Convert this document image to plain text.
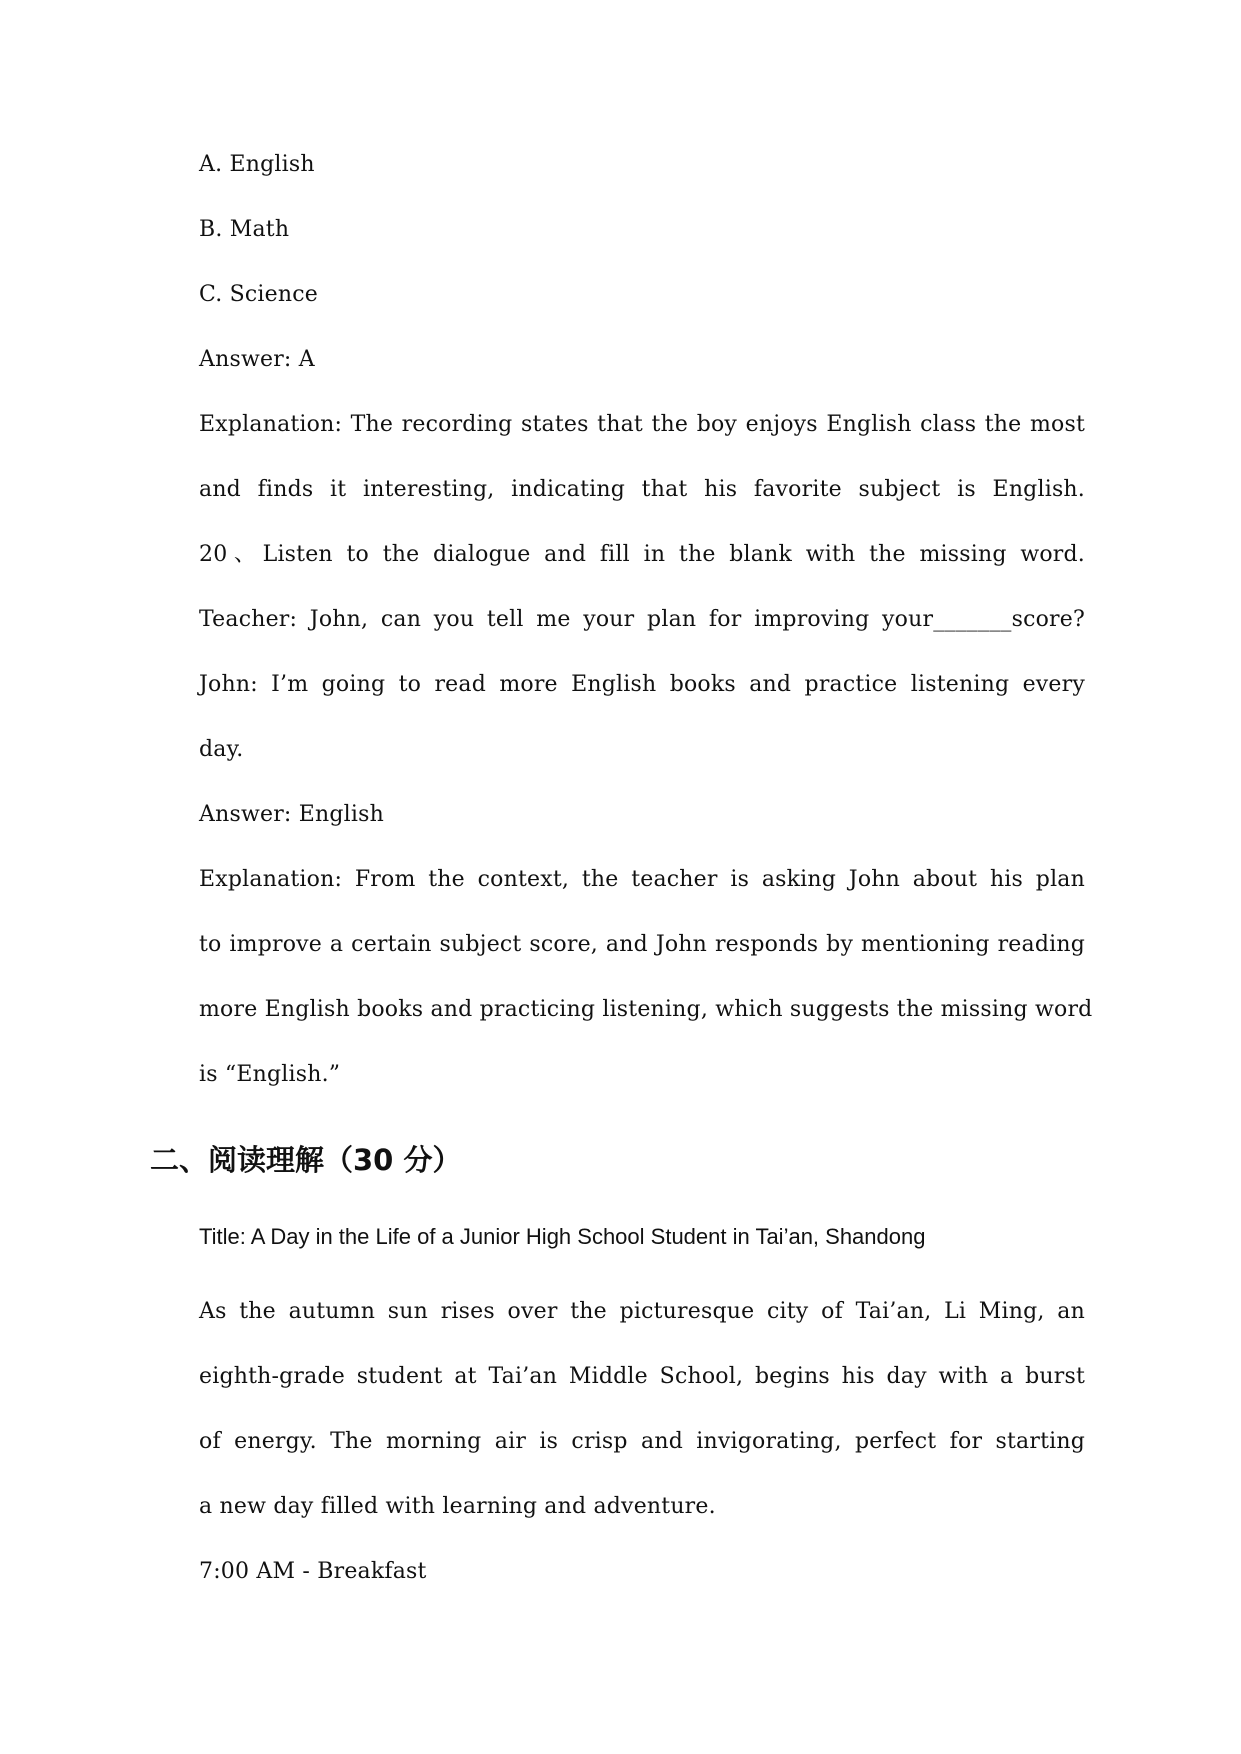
A. English
B. Math
C. Science
Answer: A
Explanation: The recording states that the boy enjoys English class the most
and finds it interesting, indicating that his favorite subject is English.
20、Listen to the dialogue and fill in the blank with the missing word.
Teacher: John, can you tell me your plan for improving your_______score?
John: I’m going to read more English books and practice listening every
day.
Answer: English
Explanation: From the context, the teacher is asking John about his plan
to improve a certain subject score, and John responds by mentioning reading
more English books and practicing listening, which suggests the missing word
is “English.”
二、阅读理解（30 分）
Title: A Day in the Life of a Junior High School Student in Tai’an, Shandong
As the autumn sun rises over the picturesque city of Tai’an, Li Ming, an
eighth-grade student at Tai’an Middle School, begins his day with a burst
of energy. The morning air is crisp and invigorating, perfect for starting
a new day filled with learning and adventure.
7:00 AM - Breakfast
